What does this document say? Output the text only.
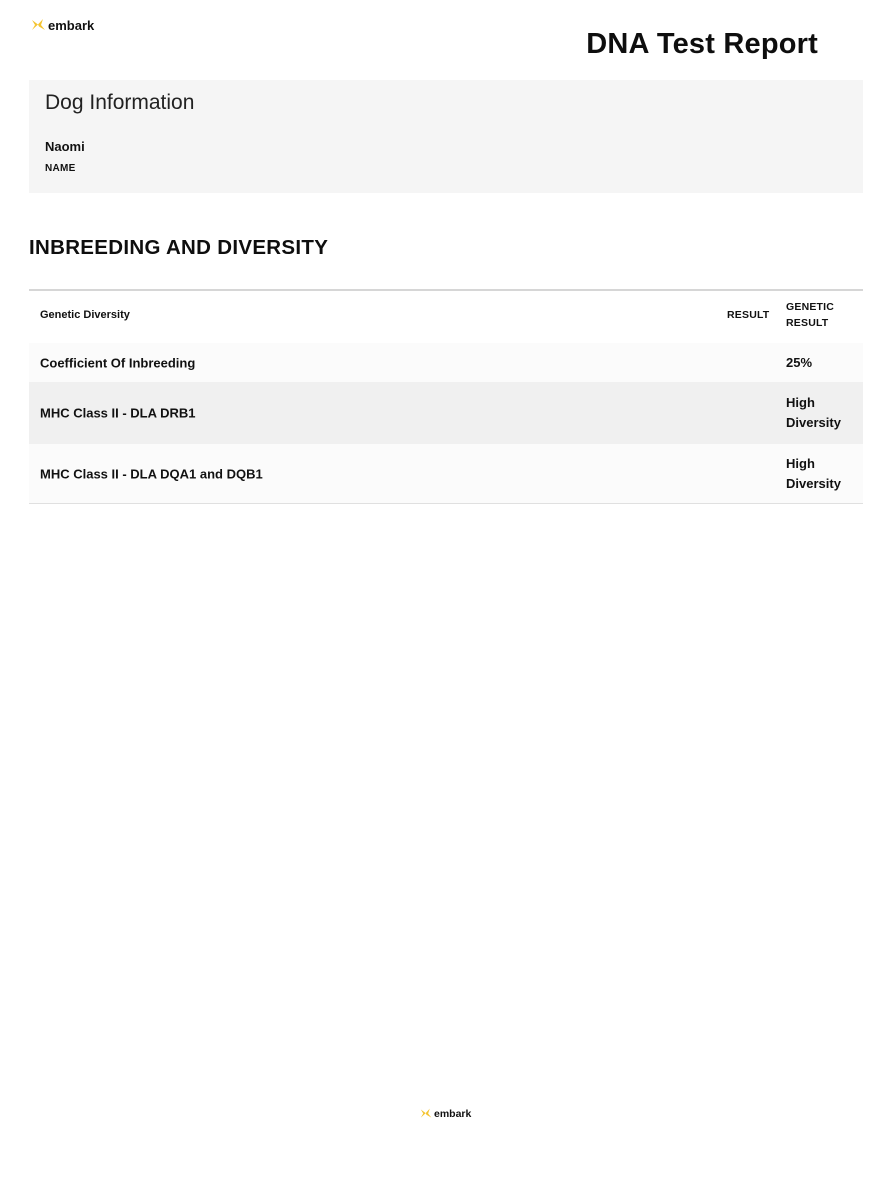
embark
DNA Test Report
Dog Information
Naomi
NAME
INBREEDING AND DIVERSITY
Genetic Diversity	RESULT
GENETIC RESULT
Coefficient Of Inbreeding	25%
MHC Class II - DLA DRB1
High Diversity
MHC Class II - DLA DQA1 and DQB1
High Diversity
embark
